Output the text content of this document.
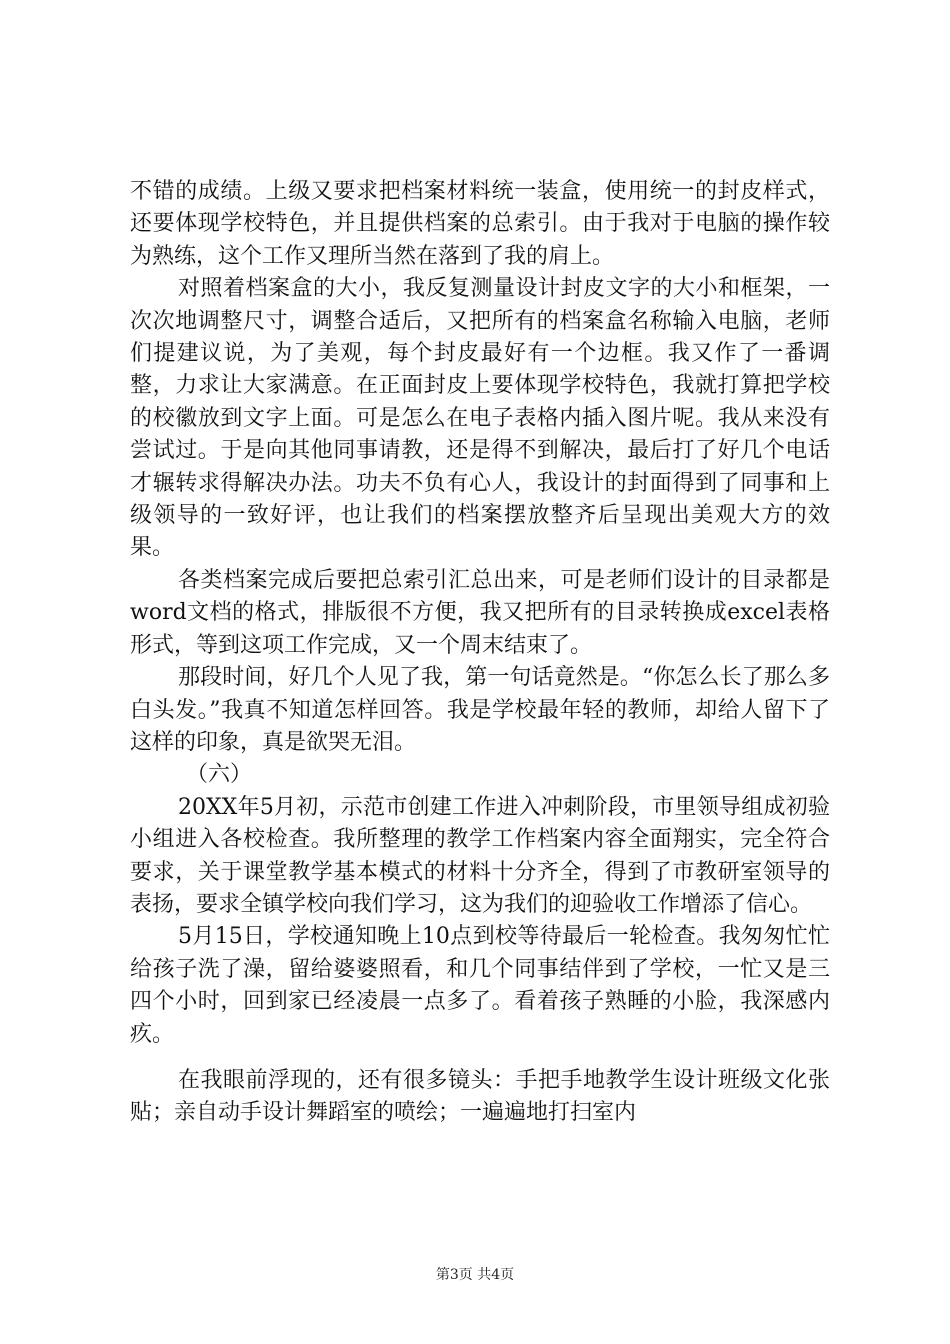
不错的成绩。上级又要求把档案材料统一装盒，使用统一的封皮样式，还要体现学校特色，并且提供档案的总索引。由于我对于电脑的操作较为熟练，这个工作又理所当然在落到了我的肩上。

对照着档案盒的大小，我反复测量设计封皮文字的大小和框架，一次次地调整尺寸，调整合适后，又把所有的档案盒名称输入电脑，老师们提建议说，为了美观，每个封皮最好有一个边框。我又作了一番调整，力求让大家满意。在正面封皮上要体现学校特色，我就打算把学校的校徽放到文字上面。可是怎么在电子表格内插入图片呢。我从来没有尝试过。于是向其他同事请教，还是得不到解决，最后打了好几个电话才辗转求得解决办法。功夫不负有心人，我设计的封面得到了同事和上级领导的一致好评，也让我们的档案摆放整齐后呈现出美观大方的效果。

各类档案完成后要把总索引汇总出来，可是老师们设计的目录都是word文档的格式，排版很不方便，我又把所有的目录转换成excel表格形式，等到这项工作完成，又一个周末结束了。

那段时间，好几个人见了我，第一句话竟然是。“你怎么长了那么多白头发。”我真不知道怎样回答。我是学校最年轻的教师，却给人留下了这样的印象，真是欲哭无泪。

（六）

20XX年5月初，示范市创建工作进入冲刺阶段，市里领导组成初验小组进入各校检查。我所整理的教学工作档案内容全面翔实，完全符合要求，关于课堂教学基本模式的材料十分齐全，得到了市教研室领导的表扬，要求全镇学校向我们学习，这为我们的迎验收工作增添了信心。

5月15日，学校通知晚上10点到校等待最后一轮检查。我匆匆忙忙给孩子洗了澡，留给婆婆照看，和几个同事结伴到了学校，一忙又是三四个小时，回到家已经凌晨一点多了。看着孩子熟睡的小脸，我深感内疚。

在我眼前浮现的，还有很多镜头：手把手地教学生设计班级文化张贴；亲自动手设计舞蹈室的喷绘；一遍遍地打扫室内

第3页 共4页
